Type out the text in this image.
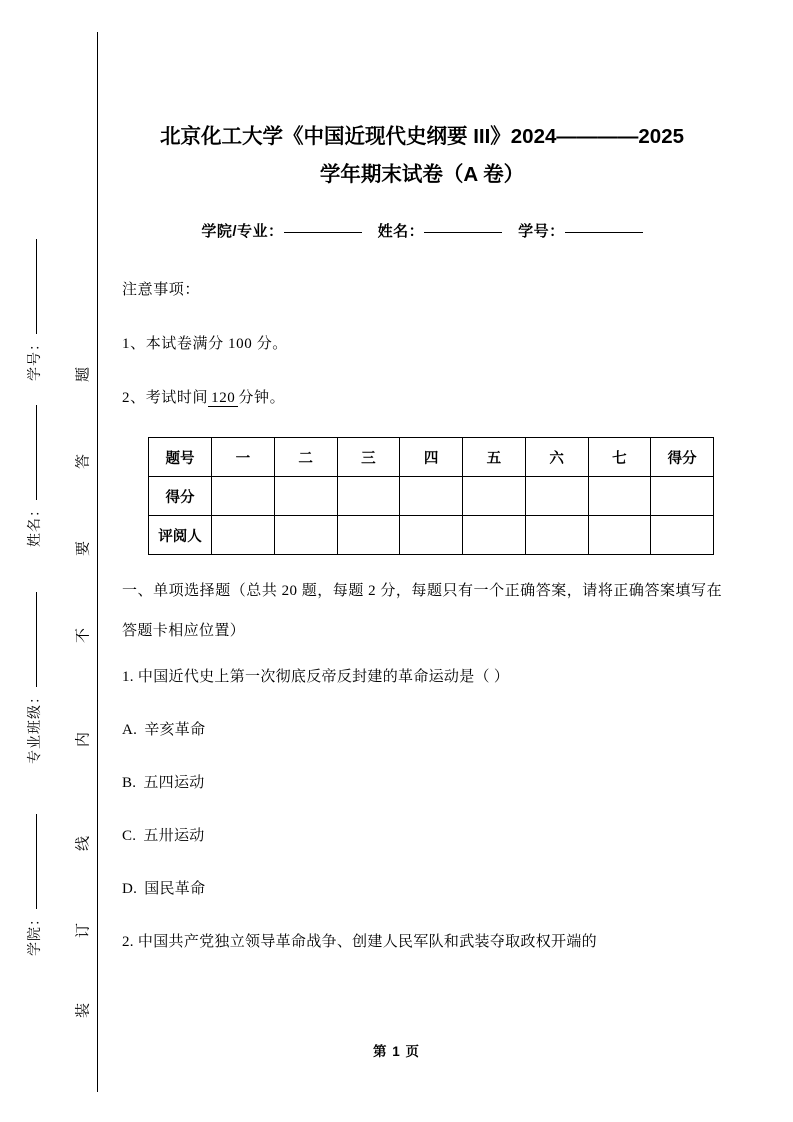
学号：
姓名：
专业班级：
学院：
题
答
要
不
内
线
订
装
北京化工大学《中国近现代史纲要 III》2024————2025
学年期末试卷（A 卷）
学院/专业：	姓名：	学号：
注意事项：
1、本试卷满分 100 分。
2、考试时间 120 分钟。
题号	一	二	三	四	五	六	七	得分
得分								
评阅人								
一、单项选择题（总共 20 题，每题 2 分，每题只有一个正确答案，请将正确答案填写在答题卡相应位置）
1. 中国近代史上第一次彻底反帝反封建的革命运动是（ ）
A. 辛亥革命
B. 五四运动
C. 五卅运动
D. 国民革命
2. 中国共产党独立领导革命战争、创建人民军队和武装夺取政权开端的
第 1 页
